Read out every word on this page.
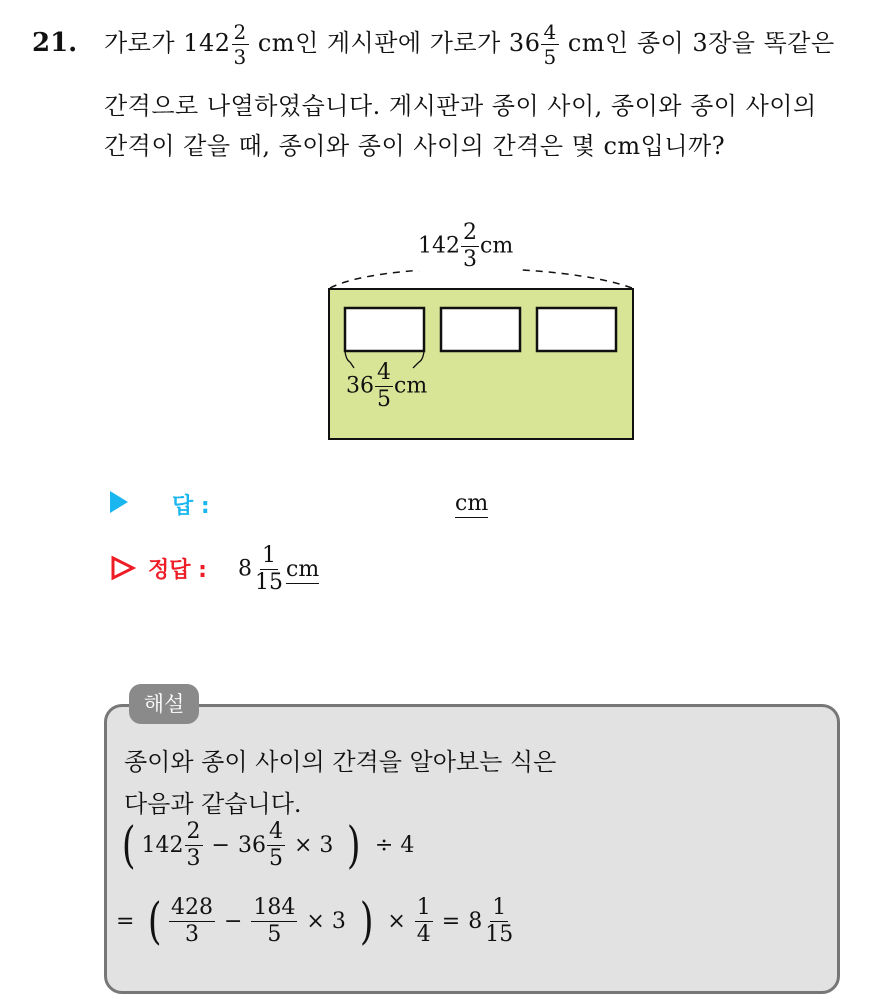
21. 가로가 $142 \frac{2}{3}$ cm인 게시판에 가로가 $36 \frac{4}{5}$ cm인 종이 3장을 똑같은
간격으로 나열하였습니다. 게시판과 종이 사이, 종이와 종이 사이의
간격이 같을 때, 종이와 종이 사이의 간격은 몇 cm입니까?
$142 \frac{2}{3}$ cm
$36 \frac{4}{5}$ cm
답 :	cm
정답 : $8 \frac{1}{15}$ cm
해설
종이와 종이 사이의 간격을 알아보는 식은
다음과 같습니다.
( $142 \frac{2}{3} - 36 \frac{4}{5} \times 3$ ) ÷ 4
= ( $\frac{428}{3} - \frac{184}{5} \times 3$ ) × $\frac{1}{4} = 8 \frac{1}{15}$
